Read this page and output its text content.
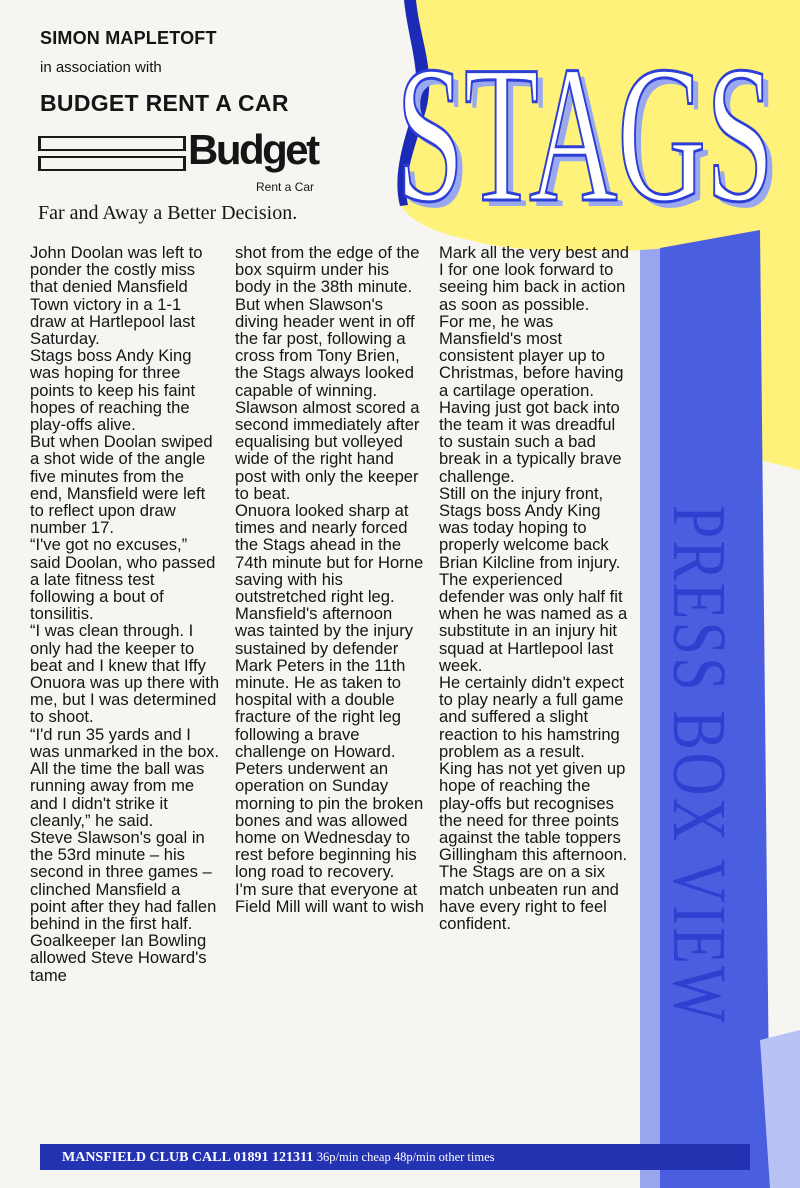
STAGS
STAGS
PRESS BOX VIEW
SIMON MAPLETOFT
in association with
BUDGET RENT A CAR
Budget
Rent a Car
Far and Away a Better Decision.

John Doolan was left to ponder the costly miss that denied Mansfield Town victory in a 1-1 draw at Hartlepool last Saturday.

Stags boss Andy King was hoping for three points to keep his faint hopes of reaching the play-offs alive.

But when Doolan swiped a shot wide of the angle five minutes from the end, Mansfield were left to reflect upon draw number 17.

“I've got no excuses,” said Doolan, who passed a late fitness test following a bout of tonsilitis.

“I was clean through. I only had the keeper to beat and I knew that Iffy Onuora was up there with me, but I was determined to shoot.

“I'd run 35 yards and I was unmarked in the box. All the time the ball was running away from me and I didn't strike it cleanly,” he said.

Steve Slawson's goal in the 53rd minute – his second in three games – clinched Mansfield a point after they had fallen behind in the first half.

Goalkeeper Ian Bowling allowed Steve Howard's tame

shot from the edge of the box squirm under his body in the 38th minute.

But when Slawson's diving header went in off the far post, following a cross from Tony Brien, the Stags always looked capable of winning.

Slawson almost scored a second immediately after equalising but volleyed wide of the right hand post with only the keeper to beat.

Onuora looked sharp at times and nearly forced the Stags ahead in the 74th minute but for Horne saving with his outstretched right leg.

Mansfield's afternoon was tainted by the injury sustained by defender Mark Peters in the 11th minute. He as taken to hospital with a double fracture of the right leg following a brave challenge on Howard.

Peters underwent an operation on Sunday morning to pin the broken bones and was allowed home on Wednesday to rest before beginning his long road to recovery.

I'm sure that everyone at Field Mill will want to wish

Mark all the very best and I for one look forward to seeing him back in action as soon as possible.

For me, he was Mansfield's most consistent player up to Christmas, before having a cartilage operation. Having just got back into the team it was dreadful to sustain such a bad break in a typically brave challenge.

Still on the injury front, Stags boss Andy King was today hoping to properly welcome back Brian Kilcline from injury.

The experienced defender was only half fit when he was named as a substitute in an injury hit squad at Hartlepool last week.

He certainly didn't expect to play nearly a full game and suffered a slight reaction to his hamstring problem as a result.

King has not yet given up hope of reaching the play-offs but recognises the need for three points against the table toppers Gillingham this afternoon. The Stags are on a six match unbeaten run and have every right to feel confident.

MANSFIELD CLUB CALL 01891 121311 36p/min cheap 48p/min other times
